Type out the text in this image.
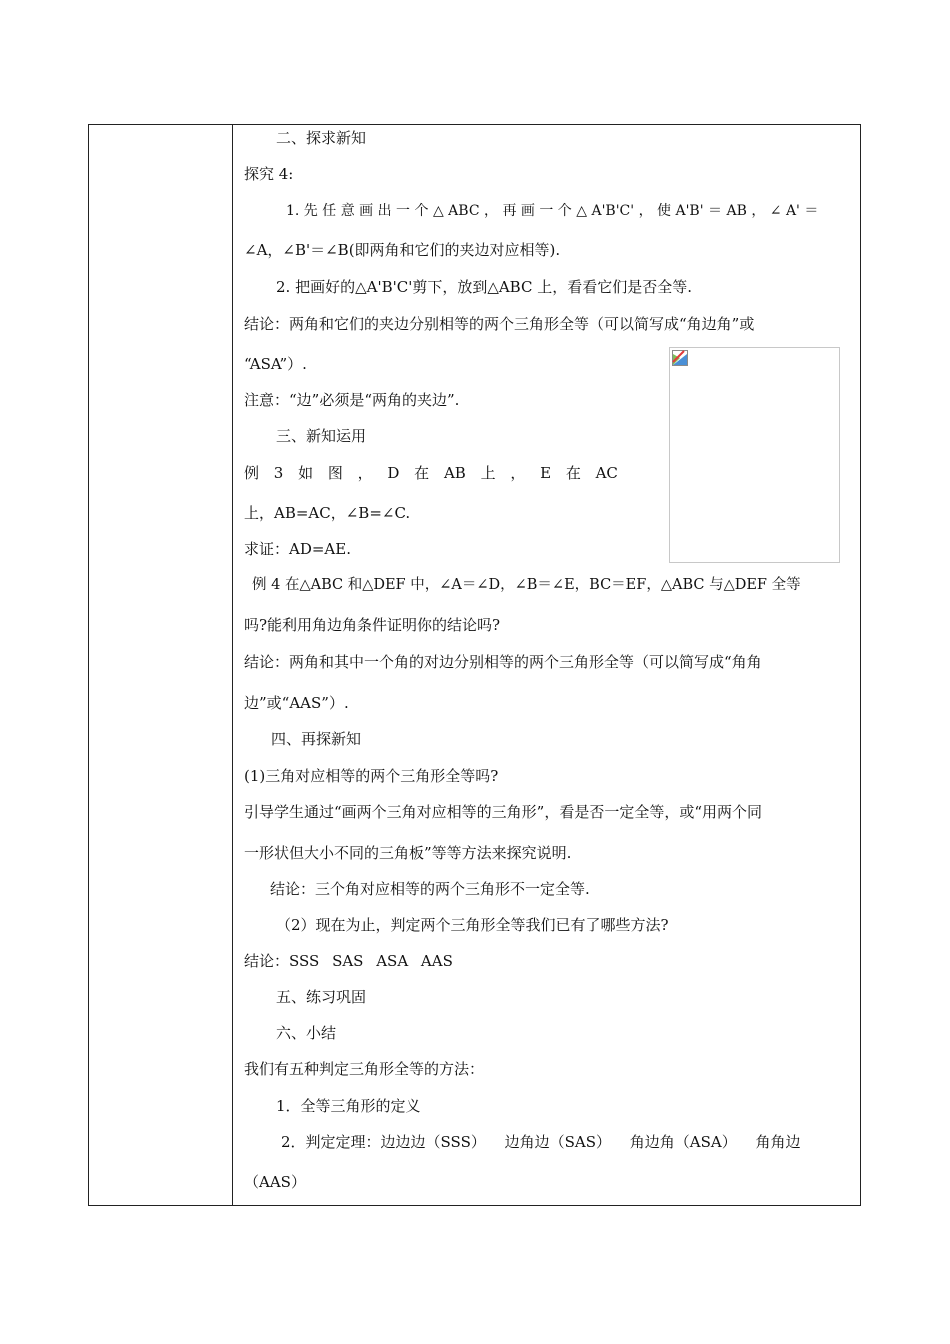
二、探求新知
探究 4:
1. 先 任 意 画 出 一 个 △ ABC ， 再 画 一 个 △ A'B'C' ， 使 A'B' ＝ AB ， ∠ A' ＝
∠A，∠B'＝∠B(即两角和它们的夹边对应相等).
2. 把画好的△A'B'C'剪下，放到△ABC 上，看看它们是否全等.
结论：两角和它们的夹边分别相等的两个三角形全等（可以简写成“角边角”或
“ASA”）.
注意：“边”必须是“两角的夹边”.
三、新知运用
例 3 如 图 ， D 在 AB 上 ， E 在 AC
上，AB=AC，∠B=∠C.
求证：AD=AE.
例 4 在△ABC 和△DEF 中，∠A＝∠D，∠B＝∠E，BC＝EF，△ABC 与△DEF 全等
吗?能利用角边角条件证明你的结论吗?
结论：两角和其中一个角的对边分别相等的两个三角形全等（可以简写成“角角
边”或“AAS”）.
四、再探新知
(1)三角对应相等的两个三角形全等吗?
引导学生通过“画两个三角对应相等的三角形”，看是否一定全等，或“用两个同
一形状但大小不同的三角板”等等方法来探究说明.
结论：三个角对应相等的两个三角形不一定全等.
（2）现在为止，判定两个三角形全等我们已有了哪些方法?
结论：SSS SAS ASA AAS
五、练习巩固
六、小结
我们有五种判定三角形全等的方法：
1．全等三角形的定义
2．判定定理：边边边（SSS） 边角边（SAS） 角边角（ASA） 角角边
（AAS）
